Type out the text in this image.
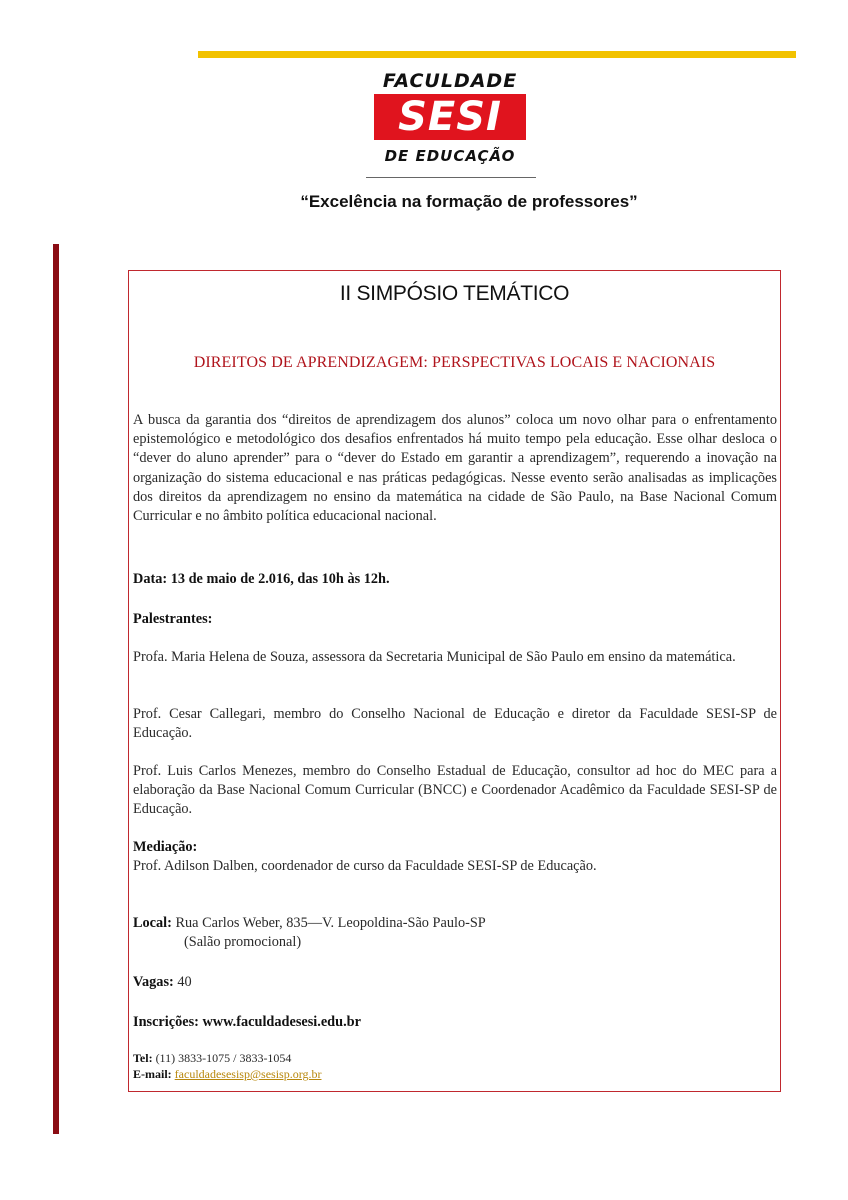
FACULDADE
SESI
DE EDUCAÇÃO
“Excelência na formação de professores”
II SIMPÓSIO TEMÁTICO
DIREITOS DE APRENDIZAGEM: PERSPECTIVAS LOCAIS E NACIONAIS

A busca da garantia dos “direitos de aprendizagem dos alunos” coloca um novo olhar para o enfrentamento epistemológico e metodológico dos desafios enfrentados há muito tempo pela educação. Esse olhar desloca o “dever do aluno aprender” para o “dever do Estado em garantir a aprendizagem”, requerendo a inovação na organização do sistema educacional e nas práticas pedagógicas. Nesse evento serão analisadas as implicações dos direitos da aprendizagem no ensino da matemática na cidade de São Paulo, na Base Nacional Comum Curricular e no âmbito política educacional nacional.

Data: 13 de maio de 2.016, das 10h às 12h.

Palestrantes:

Profa. Maria Helena de Souza, assessora da Secretaria Municipal de São Paulo em ensino da matemática.

Prof. Cesar Callegari, membro do Conselho Nacional de Educação e diretor da Faculdade SESI-SP de Educação.

Prof. Luis Carlos Menezes, membro do Conselho Estadual de Educação, consultor ad hoc do MEC para a elaboração da Base Nacional Comum Curricular (BNCC) e Coordenador Acadêmico da Faculdade SESI-SP de Educação.

Mediação:

Prof. Adilson Dalben, coordenador de curso da Faculdade SESI-SP de Educação.

Local: Rua Carlos Weber, 835—V. Leopoldina-São Paulo-SP

(Salão promocional)

Vagas: 40

Inscrições: www.faculdadesesi.edu.br

Tel: (11) 3833-1075 / 3833-1054

E-mail: faculdadesesisp@sesisp.org.br
